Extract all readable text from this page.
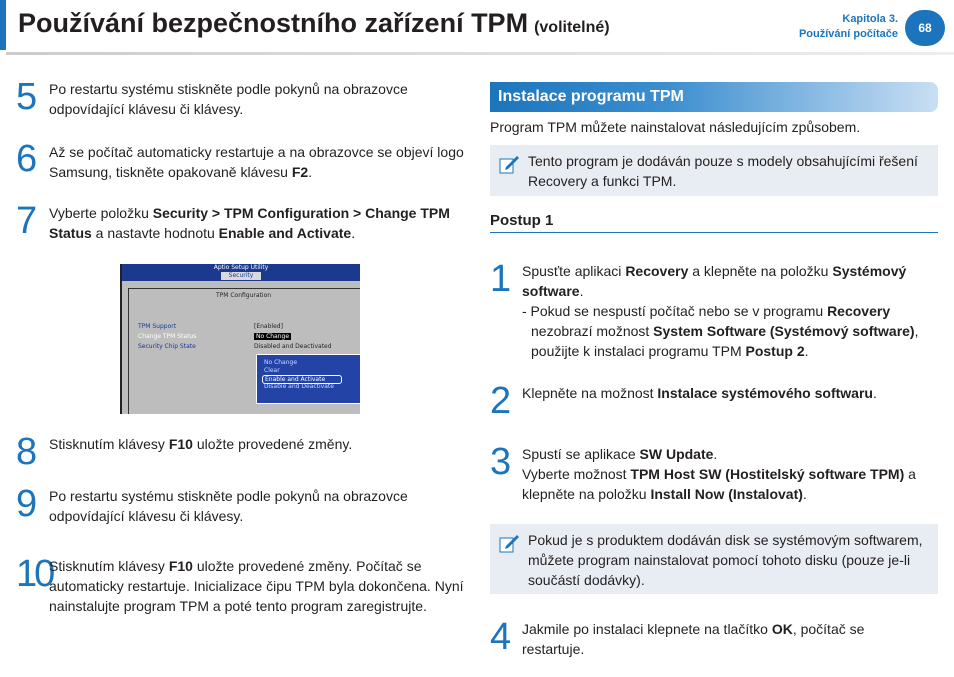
Používání bezpečnostního zařízení TPM (volitelné)	Kapitola 3.
Používání počítače	68
5 Po restartu systému stiskněte podle pokynů na obrazovce odpovídající klávesu či klávesy.
6 Až se počítač automaticky restartuje a na obrazovce se objeví logo Samsung, tiskněte opakovaně klávesu F2.
7 Vyberte položku Security > TPM Configuration > Change TPM Status a nastavte hodnotu Enable and Activate.
Aptio Setup Utility
Security
TPM Configuration
TPM Support
Change TPM Status
Security Chip State
[Enabled]
No Change
Disabled and Deactivated
No Change
Clear
Enable and Activate
Disable and Deactivate
8 Stisknutím klávesy F10 uložte provedené změny.
9 Po restartu systému stiskněte podle pokynů na obrazovce odpovídající klávesu či klávesy.
10
Stisknutím klávesy F10 uložte provedené změny. Počítač se automaticky restartuje. Inicializace čipu TPM byla dokončena. Nyní nainstalujte program TPM a poté tento program zaregistrujte.
Instalace programu TPM
Program TPM můžete nainstalovat následujícím způsobem.
Tento program je dodáván pouze s modely obsahujícími řešení Recovery a funkci TPM.
Postup 1
1 Spusťte aplikaci Recovery a klepněte na položku Systémový software.
- Pokud se nespustí počítač nebo se v programu Recovery
nezobrazí možnost System Software (Systémový software), použijte k instalaci programu TPM Postup 2.
2 Klepněte na možnost Instalace systémového softwaru.
3 Spustí se aplikace SW Update.
Vyberte možnost TPM Host SW (Hostitelský software TPM) a klepněte na položku Install Now (Instalovat).
Pokud je s produktem dodáván disk se systémovým softwarem, můžete program nainstalovat pomocí tohoto disku (pouze je-li součástí dodávky).
4 Jakmile po instalaci klepnete na tlačítko OK, počítač se restartuje.
